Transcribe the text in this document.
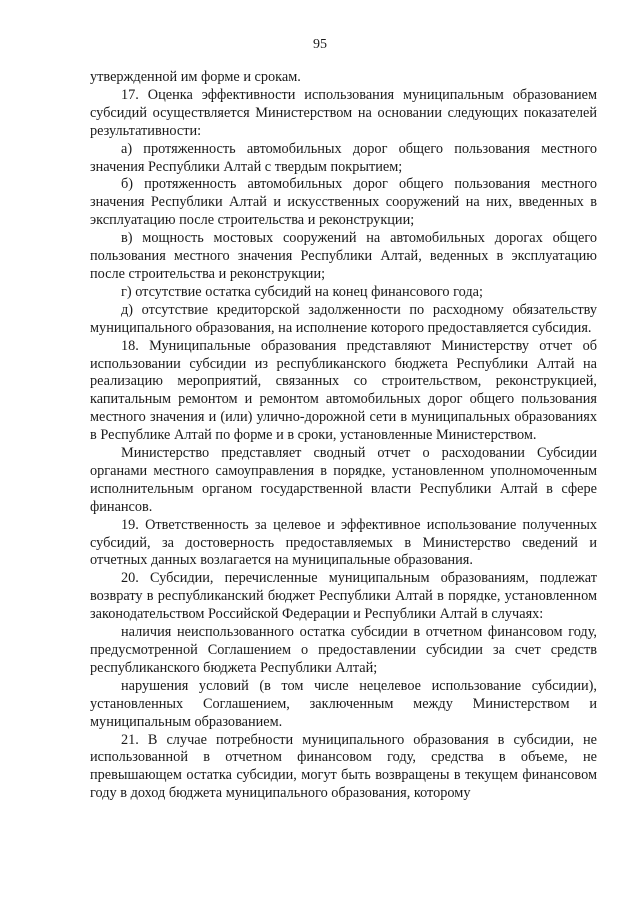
95

утвержденной им форме и срокам.

17. Оценка эффективности использования муниципальным образованием субсидий осуществляется Министерством на основании следующих показателей результативности:

а) протяженность автомобильных дорог общего пользования местного значения Республики Алтай с твердым покрытием;

б) протяженность автомобильных дорог общего пользования местного значения Республики Алтай и искусственных сооружений на них, введенных в эксплуатацию после строительства и реконструкции;

в) мощность мостовых сооружений на автомобильных дорогах общего пользования местного значения Республики Алтай, веденных в эксплуатацию после строительства и реконструкции;

г) отсутствие остатка субсидий на конец финансового года;

д) отсутствие кредиторской задолженности по расходному обязательству муниципального образования, на исполнение которого предоставляется субсидия.

18. Муниципальные образования представляют Министерству отчет об использовании субсидии из республиканского бюджета Республики Алтай на реализацию мероприятий, связанных со строительством, реконструкцией, капитальным ремонтом и ремонтом автомобильных дорог общего пользования местного значения и (или) улично-дорожной сети в муниципальных образованиях в Республике Алтай по форме и в сроки, установленные Министерством.

Министерство представляет сводный отчет о расходовании Субсидии органами местного самоуправления в порядке, установленном уполномоченным исполнительным органом государственной власти Республики Алтай в сфере финансов.

19. Ответственность за целевое и эффективное использование полученных субсидий, за достоверность предоставляемых в Министерство сведений и отчетных данных возлагается на муниципальные образования.

20. Субсидии, перечисленные муниципальным образованиям, подлежат возврату в республиканский бюджет Республики Алтай в порядке, установленном законодательством Российской Федерации и Республики Алтай в случаях:

наличия неиспользованного остатка субсидии в отчетном финансовом году, предусмотренной Соглашением о предоставлении субсидии за счет средств республиканского бюджета Республики Алтай;

нарушения условий (в том числе нецелевое использование субсидии), установленных Соглашением, заключенным между Министерством и муниципальным образованием.

21. В случае потребности муниципального образования в субсидии, не использованной в отчетном финансовом году, средства в объеме, не превышающем остатка субсидии, могут быть возвращены в текущем финансовом году в доход бюджета муниципального образования, которому
